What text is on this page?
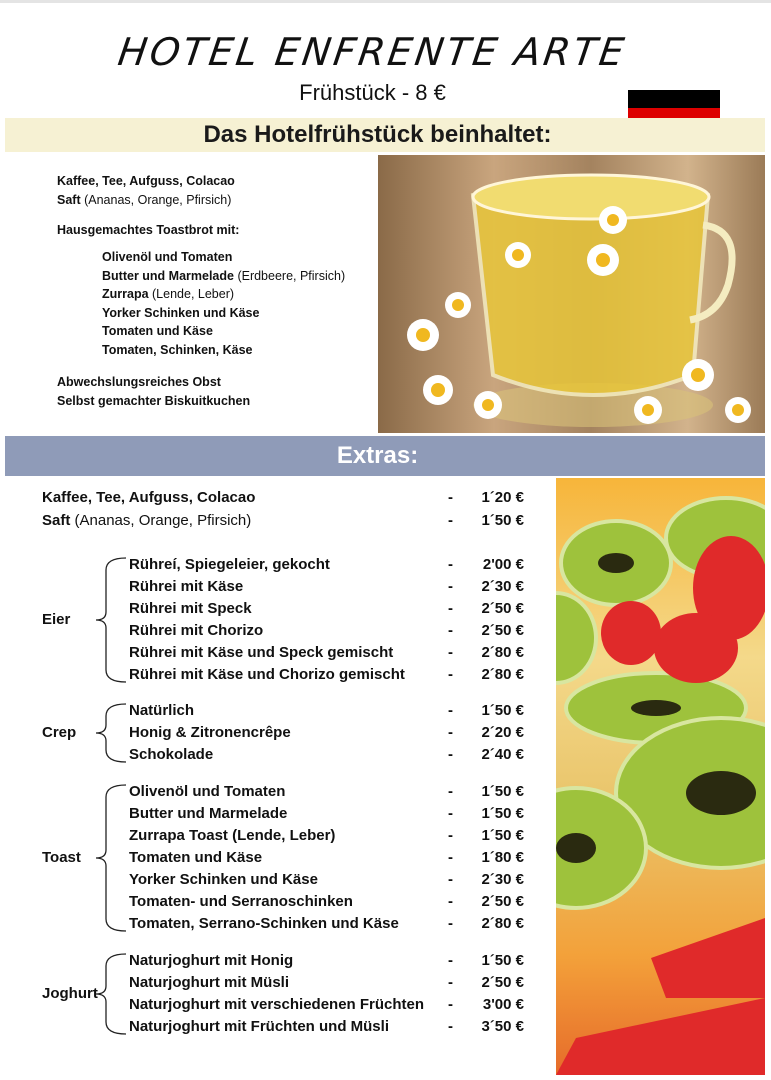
HOTEL ENFRENTE ARTE
Frühstück - 8 €
Das Hotelfrühstück beinhaltet:
Kaffee, Tee, Aufguss, Colacao
Saft (Ananas, Orange, Pfirsich)
Hausgemachtes Toastbrot mit:
Olivenöl und Tomaten
Butter und Marmelade (Erdbeere, Pfirsich)
Zurrapa (Lende, Leber)
Yorker Schinken und Käse
Tomaten und Käse
Tomaten, Schinken, Käse
Abwechslungsreiches Obst
Selbst gemachter Biskuitkuchen
Extras:
Kaffee, Tee, Aufguss, Colacao	-	1´20 €
Saft (Ananas, Orange, Pfirsich)	-	1´50 €
Rühreí, Spiegeleier, gekocht	-	2'00 €
Rührei mit Käse	-	2´30 €
Rührei mit Speck	-	2´50 €
Rührei mit Chorizo	-	2´50 €
Rührei mit Käse und Speck gemischt	-	2´80 €
Rührei mit Käse und Chorizo gemischt	-	2´80 €
Eier
Natürlich	-	1´50 €
Honig & Zitronencrêpe	-	2´20 €
Schokolade	-	2´40 €
Crep
Olivenöl und Tomaten	-	1´50 €
Butter und Marmelade	-	1´50 €
Zurrapa Toast (Lende, Leber)	-	1´50 €
Tomaten und Käse	-	1´80 €
Yorker Schinken und Käse	-	2´30 €
Tomaten- und Serranoschinken	-	2´50 €
Tomaten, Serrano-Schinken und Käse	-	2´80 €
Toast
Naturjoghurt mit Honig	-	1´50 €
Naturjoghurt mit Müsli	-	2´50 €
Naturjoghurt mit verschiedenen Früchten -	3'00 €
Naturjoghurt mit Früchten und Müsli	-	3´50 €
Joghurt
